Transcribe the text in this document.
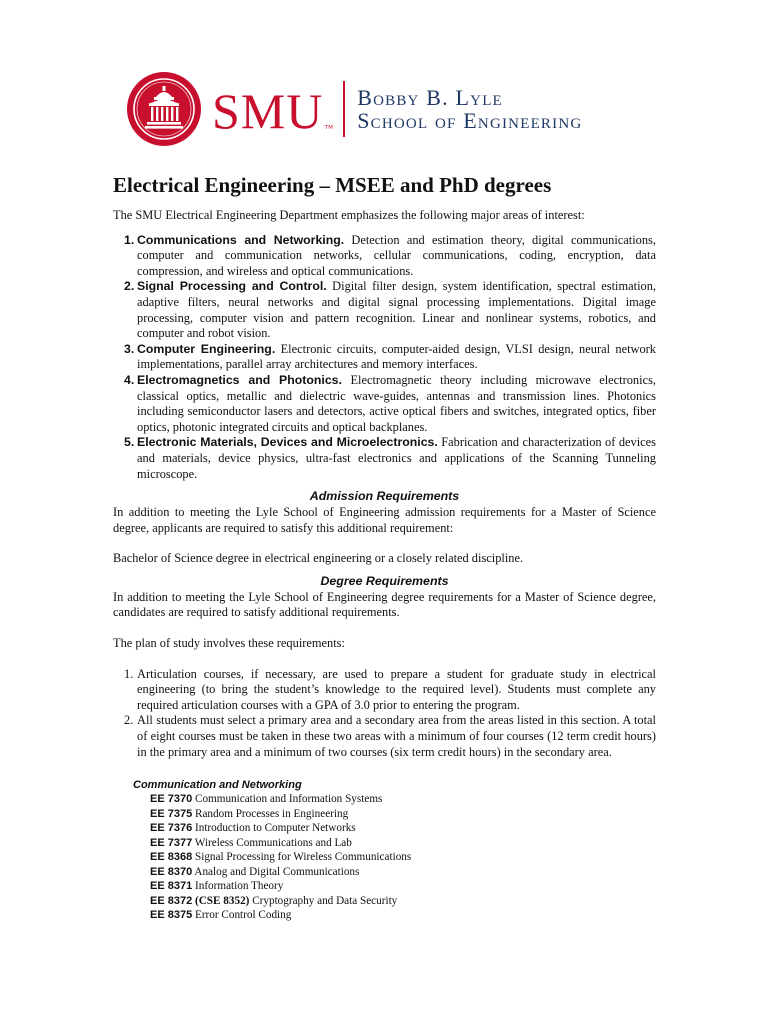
SMU ™
Bobby B. Lyle
School of Engineering
Electrical Engineering – MSEE and PhD degrees

The SMU Electrical Engineering Department emphasizes the following major areas of interest:

1. Communications and Networking. Detection and estimation theory, digital communications, computer and communication networks, cellular communications, coding, encryption, data compression, and wireless and optical communications.
2. Signal Processing and Control. Digital filter design, system identification, spectral estimation, adaptive filters, neural networks and digital signal processing implementations. Digital image processing, computer vision and pattern recognition. Linear and nonlinear systems, robotics, and computer and robot vision.
3. Computer Engineering. Electronic circuits, computer-aided design, VLSI design, neural network implementations, parallel array architectures and memory interfaces.
4. Electromagnetics and Photonics. Electromagnetic theory including microwave electronics, classical optics, metallic and dielectric wave-guides, antennas and transmission lines. Photonics including semiconductor lasers and detectors, active optical fibers and switches, integrated optics, fiber optics, photonic integrated circuits and optical backplanes.
5. Electronic Materials, Devices and Microelectronics. Fabrication and characterization of devices and materials, device physics, ultra-fast electronics and applications of the Scanning Tunneling microscope.
Admission Requirements

In addition to meeting the Lyle School of Engineering admission requirements for a Master of Science degree, applicants are required to satisfy this additional requirement:

Bachelor of Science degree in electrical engineering or a closely related discipline.

Degree Requirements

In addition to meeting the Lyle School of Engineering degree requirements for a Master of Science degree, candidates are required to satisfy additional requirements.

The plan of study involves these requirements:

1. Articulation courses, if necessary, are used to prepare a student for graduate study in electrical engineering (to bring the student’s knowledge to the required level). Students must complete any required articulation courses with a GPA of 3.0 prior to entering the program.
2. All students must select a primary area and a secondary area from the areas listed in this section. A total of eight courses must be taken in these two areas with a minimum of four courses (12 term credit hours) in the primary area and a minimum of two courses (six term credit hours) in the secondary area.
Communication and Networking
EE 7370 Communication and Information Systems
EE 7375 Random Processes in Engineering
EE 7376 Introduction to Computer Networks
EE 7377 Wireless Communications and Lab
EE 8368 Signal Processing for Wireless Communications
EE 8370 Analog and Digital Communications
EE 8371 Information Theory
EE 8372 (CSE 8352) Cryptography and Data Security
EE 8375 Error Control Coding
